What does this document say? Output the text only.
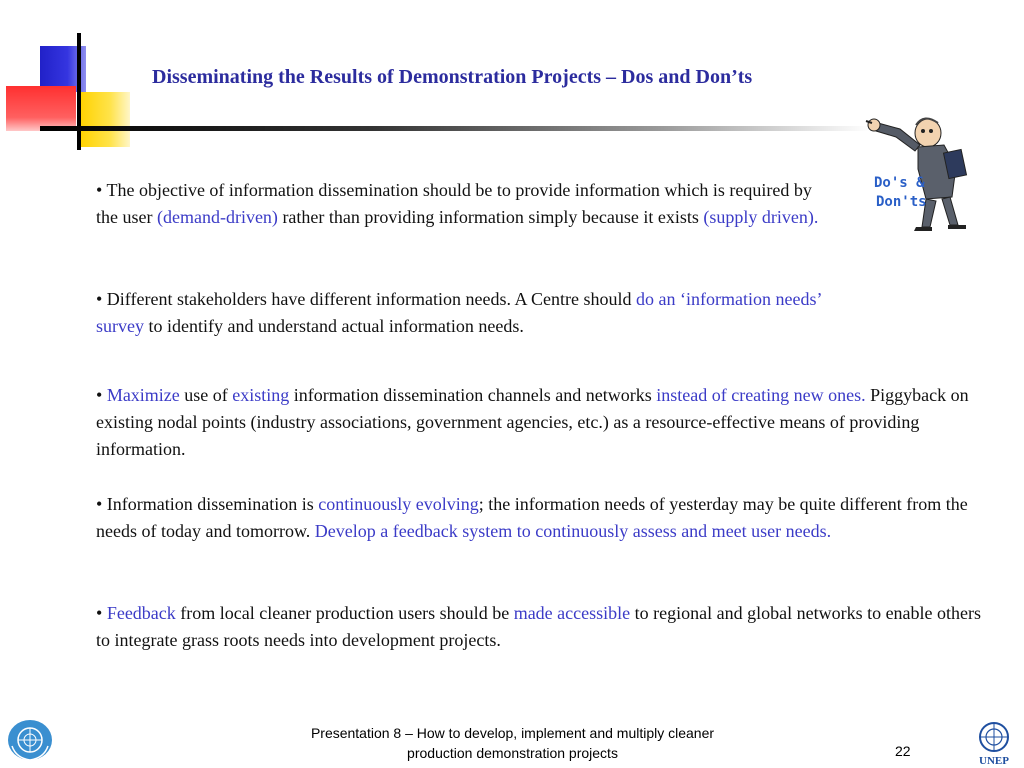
Disseminating the Results of Demonstration Projects – Dos and Don’ts
Do's &
Don'ts

• The objective of information dissemination should be to provide information which is required by the user (demand-driven) rather than providing information simply because it exists (supply driven).

• Different stakeholders have different information needs. A Centre should do an ‘information needs’ survey to identify and understand actual information needs.

• Maximize use of existing information dissemination channels and networks instead of creating new ones. Piggyback on existing nodal points (industry associations, government agencies, etc.) as a resource-effective means of providing information.

• Information dissemination is continuously evolving; the information needs of yesterday may be quite different from the needs of today and tomorrow. Develop a feedback system to continuously assess and meet user needs.

• Feedback from local cleaner production users should be made accessible to regional and global networks to enable others to integrate grass roots needs into development projects.

UNEP
Presentation 8 – How to develop, implement and multiply cleaner
production demonstration projects	22
